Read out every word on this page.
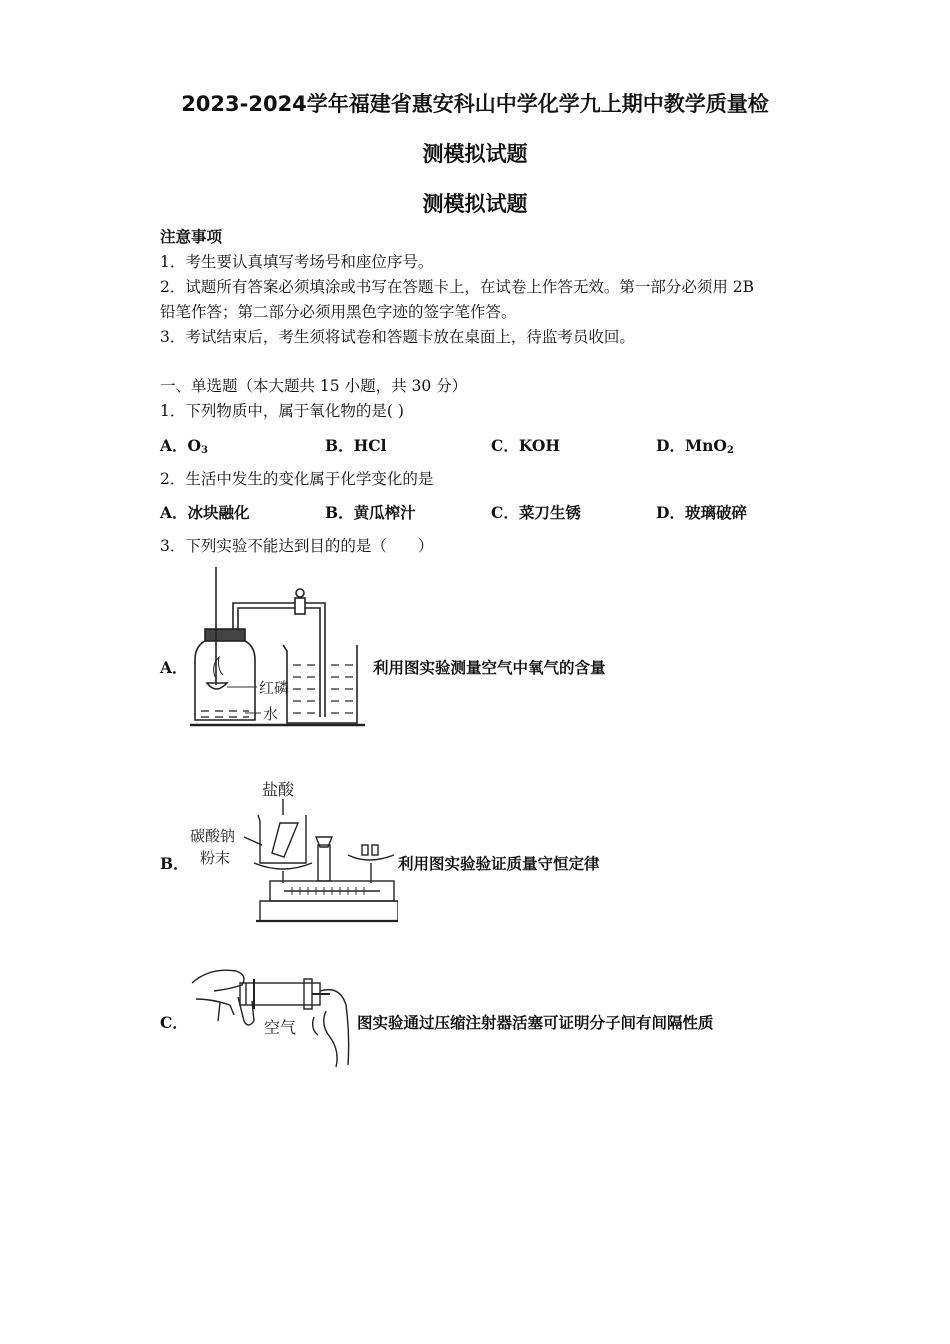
2023-2024学年福建省惠安科山中学化学九上期中教学质量检
测模拟试题
测模拟试题
注意事项
1．考生要认真填写考场号和座位序号。
2．试题所有答案必须填涂或书写在答题卡上，在试卷上作答无效。第一部分必须用 2B
铅笔作答；第二部分必须用黑色字迹的签字笔作答。
3．考试结束后，考生须将试卷和答题卡放在桌面上，待监考员收回。
一、单选题（本大题共 15 小题，共 30 分）
1．下列物质中，属于氧化物的是( )
A．$O_3$	B．HCl	C．KOH	D．MnO$_2$
2．生活中发生的变化属于化学变化的是
A．冰块融化	B．黄瓜榨汁	C．菜刀生锈	D．玻璃破碎
3．下列实验不能达到目的的是（　　）
A．
红磷
水
利用图实验测量空气中氧气的含量
B．
盐酸
碳酸钠
粉末	利用图实验验证质量守恒定律
C．	空气	图实验通过压缩注射器活塞可证明分子间有间隔性质
